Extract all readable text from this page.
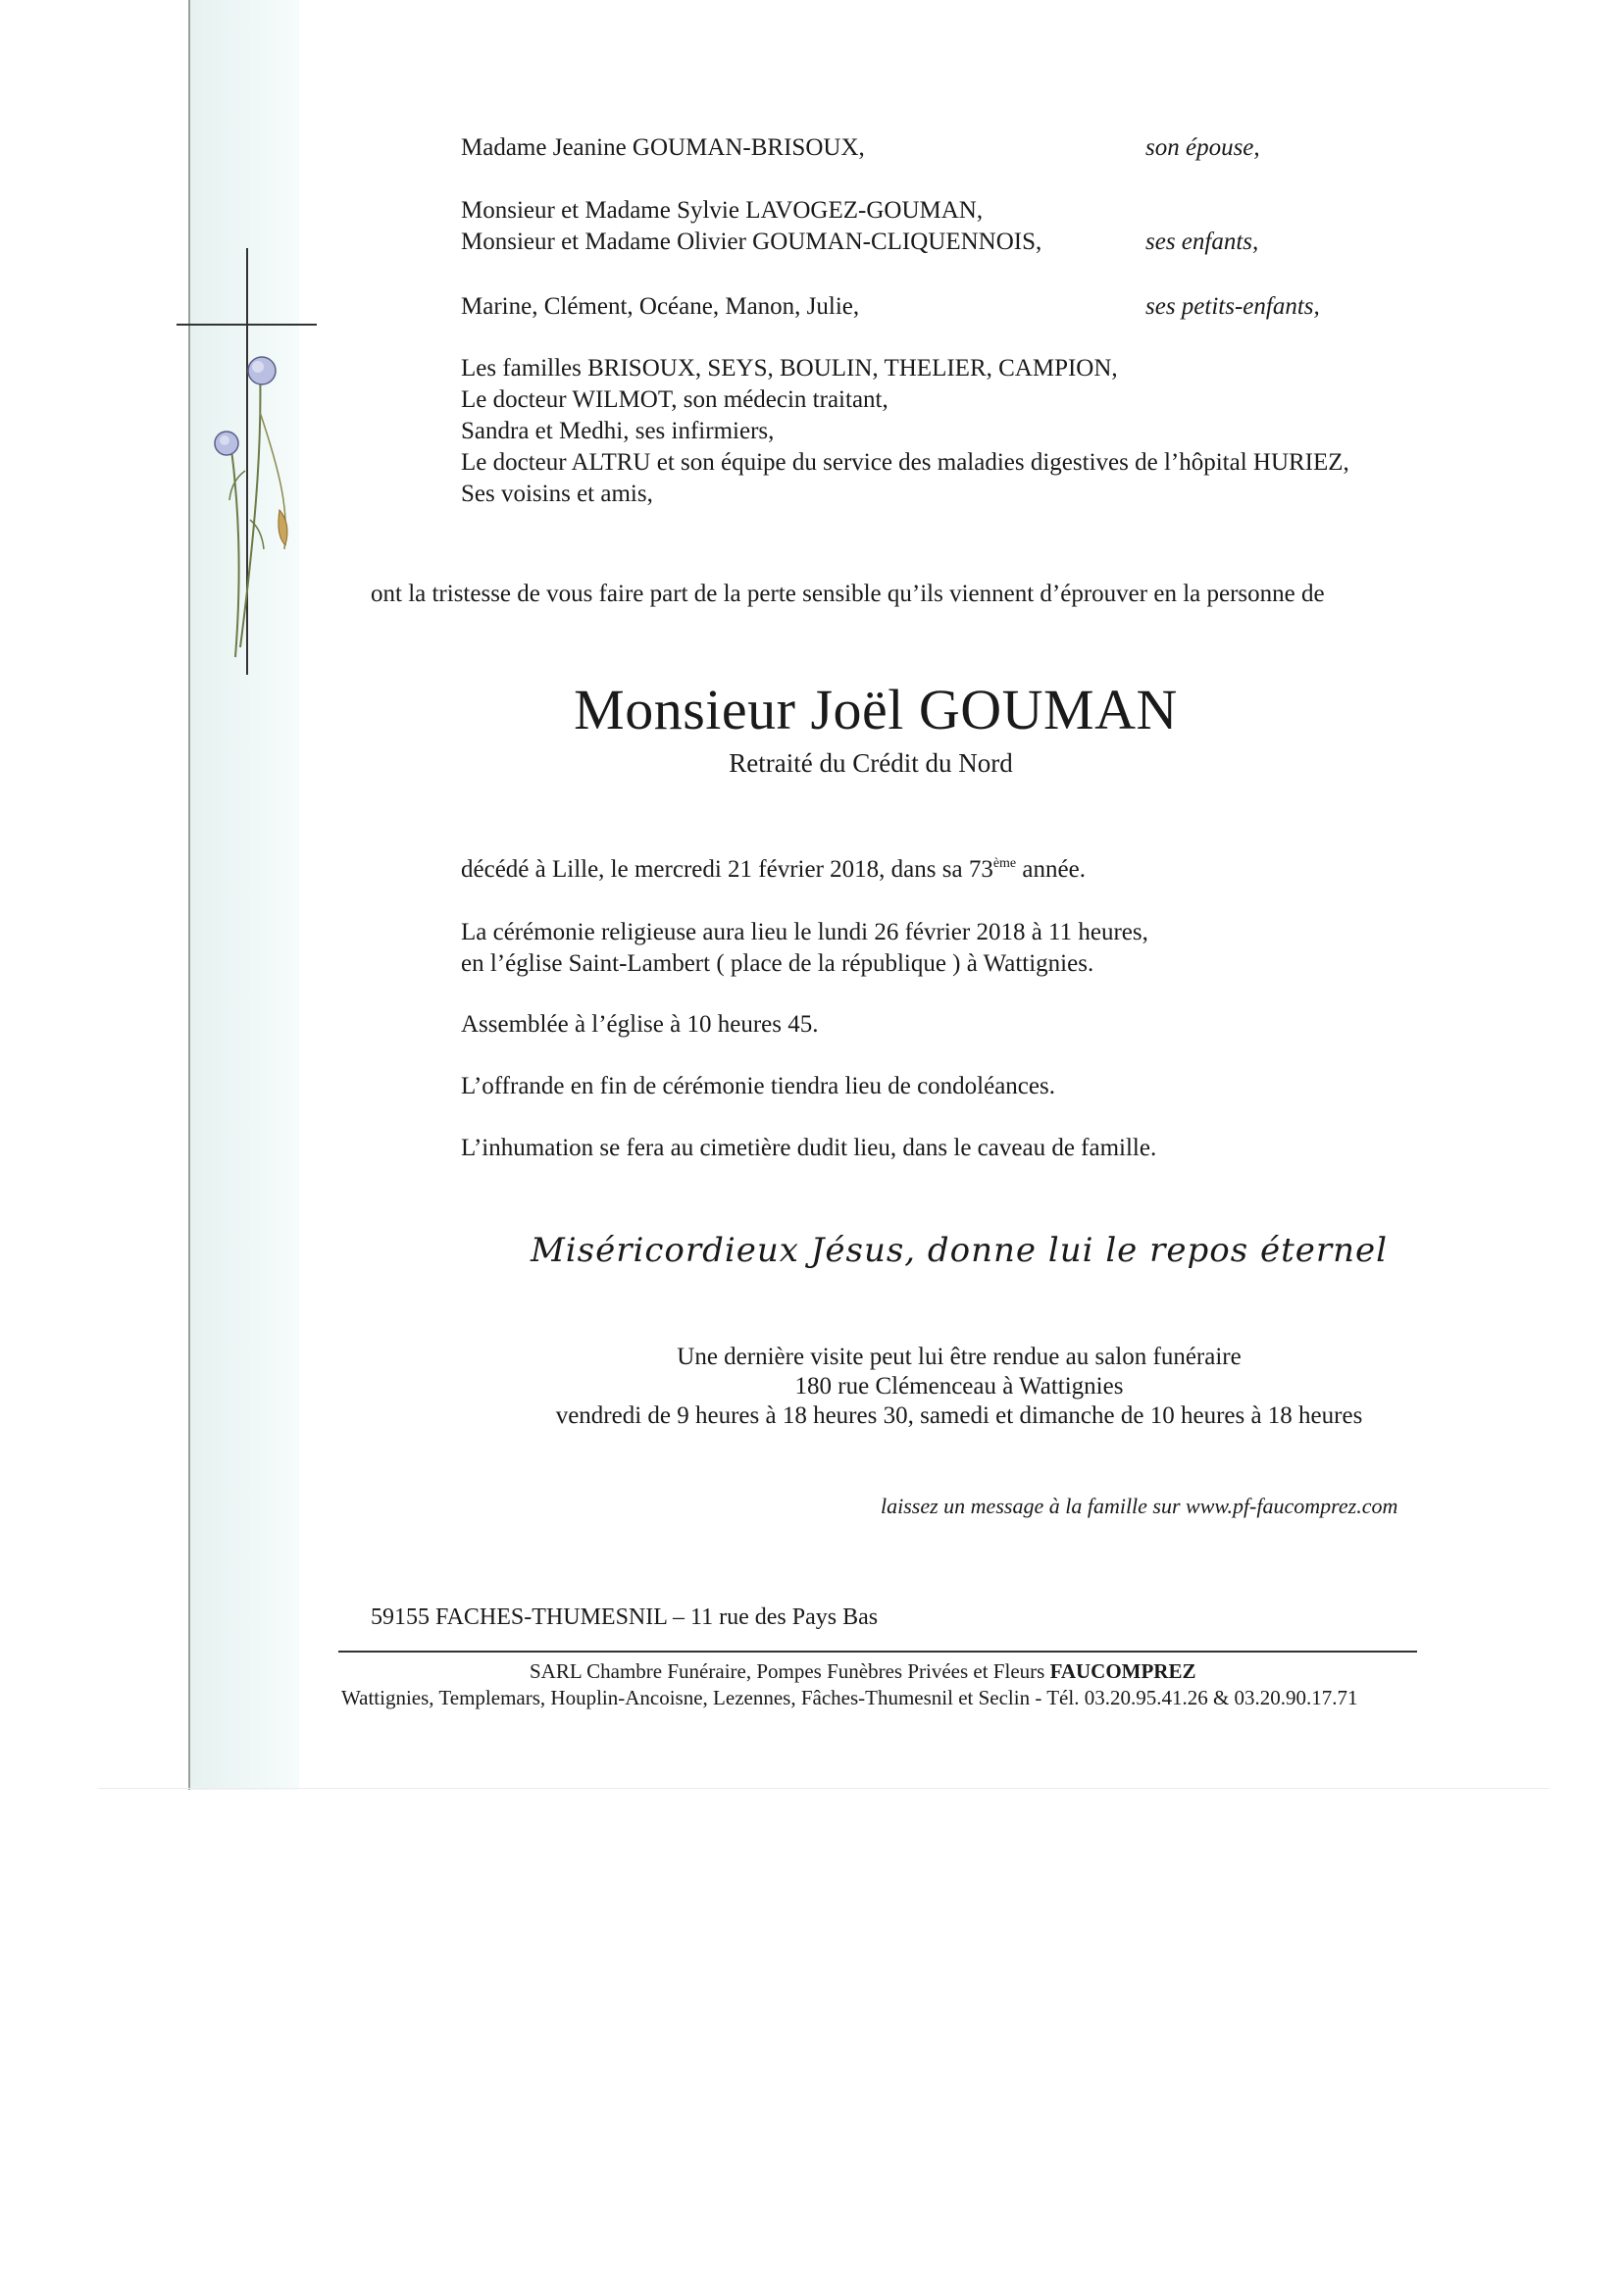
Madame Jeanine GOUMAN-BRISOUX,	son épouse,
Monsieur et Madame Sylvie LAVOGEZ-GOUMAN,
Monsieur et Madame Olivier GOUMAN-CLIQUENNOIS,	ses enfants,
Marine, Clément, Océane, Manon, Julie,	ses petits-enfants,
Les familles BRISOUX, SEYS, BOULIN, THELIER, CAMPION,
Le docteur WILMOT, son médecin traitant,
Sandra et Medhi, ses infirmiers,
Le docteur ALTRU et son équipe du service des maladies digestives de l’hôpital HURIEZ,
Ses voisins et amis,
ont la tristesse de vous faire part de la perte sensible qu’ils viennent d’éprouver en la personne de
Monsieur Joël GOUMAN
Retraité du Crédit du Nord
décédé à Lille, le mercredi 21 février 2018, dans sa 73ème année.
La cérémonie religieuse aura lieu le lundi 26 février 2018 à 11 heures,
en l’église Saint-Lambert ( place de la république ) à Wattignies.
Assemblée à l’église à 10 heures 45.
L’offrande en fin de cérémonie tiendra lieu de condoléances.
L’inhumation se fera au cimetière dudit lieu, dans le caveau de famille.
Miséricordieux Jésus, donne lui le repos éternel
Une dernière visite peut lui être rendue au salon funéraire
180 rue Clémenceau à Wattignies
vendredi de 9 heures à 18 heures 30, samedi et dimanche de 10 heures à 18 heures
laissez un message à la famille sur www.pf-faucomprez.com
59155 FACHES-THUMESNIL – 11 rue des Pays Bas
SARL Chambre Funéraire, Pompes Funèbres Privées et Fleurs FAUCOMPREZ
Wattignies, Templemars, Houplin-Ancoisne, Lezennes, Fâches-Thumesnil et Seclin - Tél. 03.20.95.41.26 & 03.20.90.17.71
